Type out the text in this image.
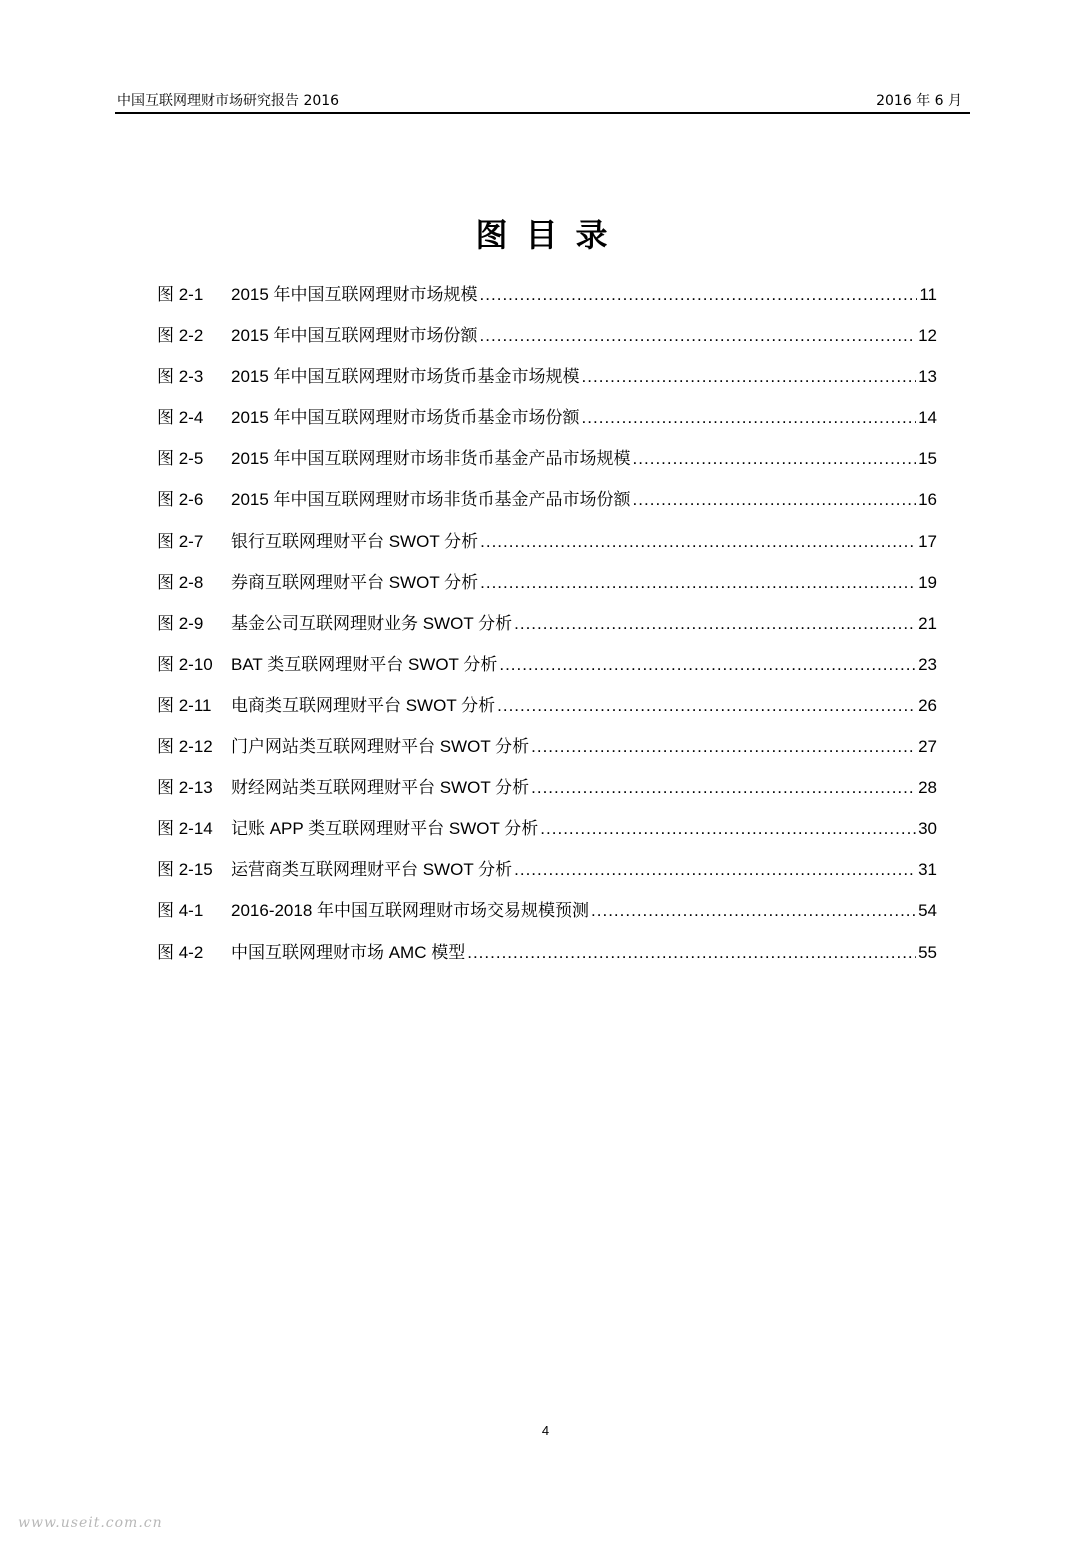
中国互联网理财市场研究报告 2016	2016 年 6 月
图目录
图 2-1	2015 年中国互联网理财市场规模 .....	11
图 2-2	2015 年中国互联网理财市场份额 .....	12
图 2-3	2015 年中国互联网理财市场货币基金市场规模 .....	13
图 2-4	2015 年中国互联网理财市场货币基金市场份额 .....	14
图 2-5	2015 年中国互联网理财市场非货币基金产品市场规模 .....	15
图 2-6	2015 年中国互联网理财市场非货币基金产品市场份额 .....	16
图 2-7	银行互联网理财平台 SWOT 分析 .....	17
图 2-8	券商互联网理财平台 SWOT 分析 .....	19
图 2-9	基金公司互联网理财业务 SWOT 分析 .....	21
图 2-10	BAT 类互联网理财平台 SWOT 分析 .....	23
图 2-11	电商类互联网理财平台 SWOT 分析 .....	26
图 2-12	门户网站类互联网理财平台 SWOT 分析 .....	27
图 2-13	财经网站类互联网理财平台 SWOT 分析 .....	28
图 2-14	记账 APP 类互联网理财平台 SWOT 分析 .....	30
图 2-15	运营商类互联网理财平台 SWOT 分析 .....	31
图 4-1	2016-2018 年中国互联网理财市场交易规模预测 .....	54
图 4-2	中国互联网理财市场 AMC 模型 .....	55
4
www.useit.com.cn
